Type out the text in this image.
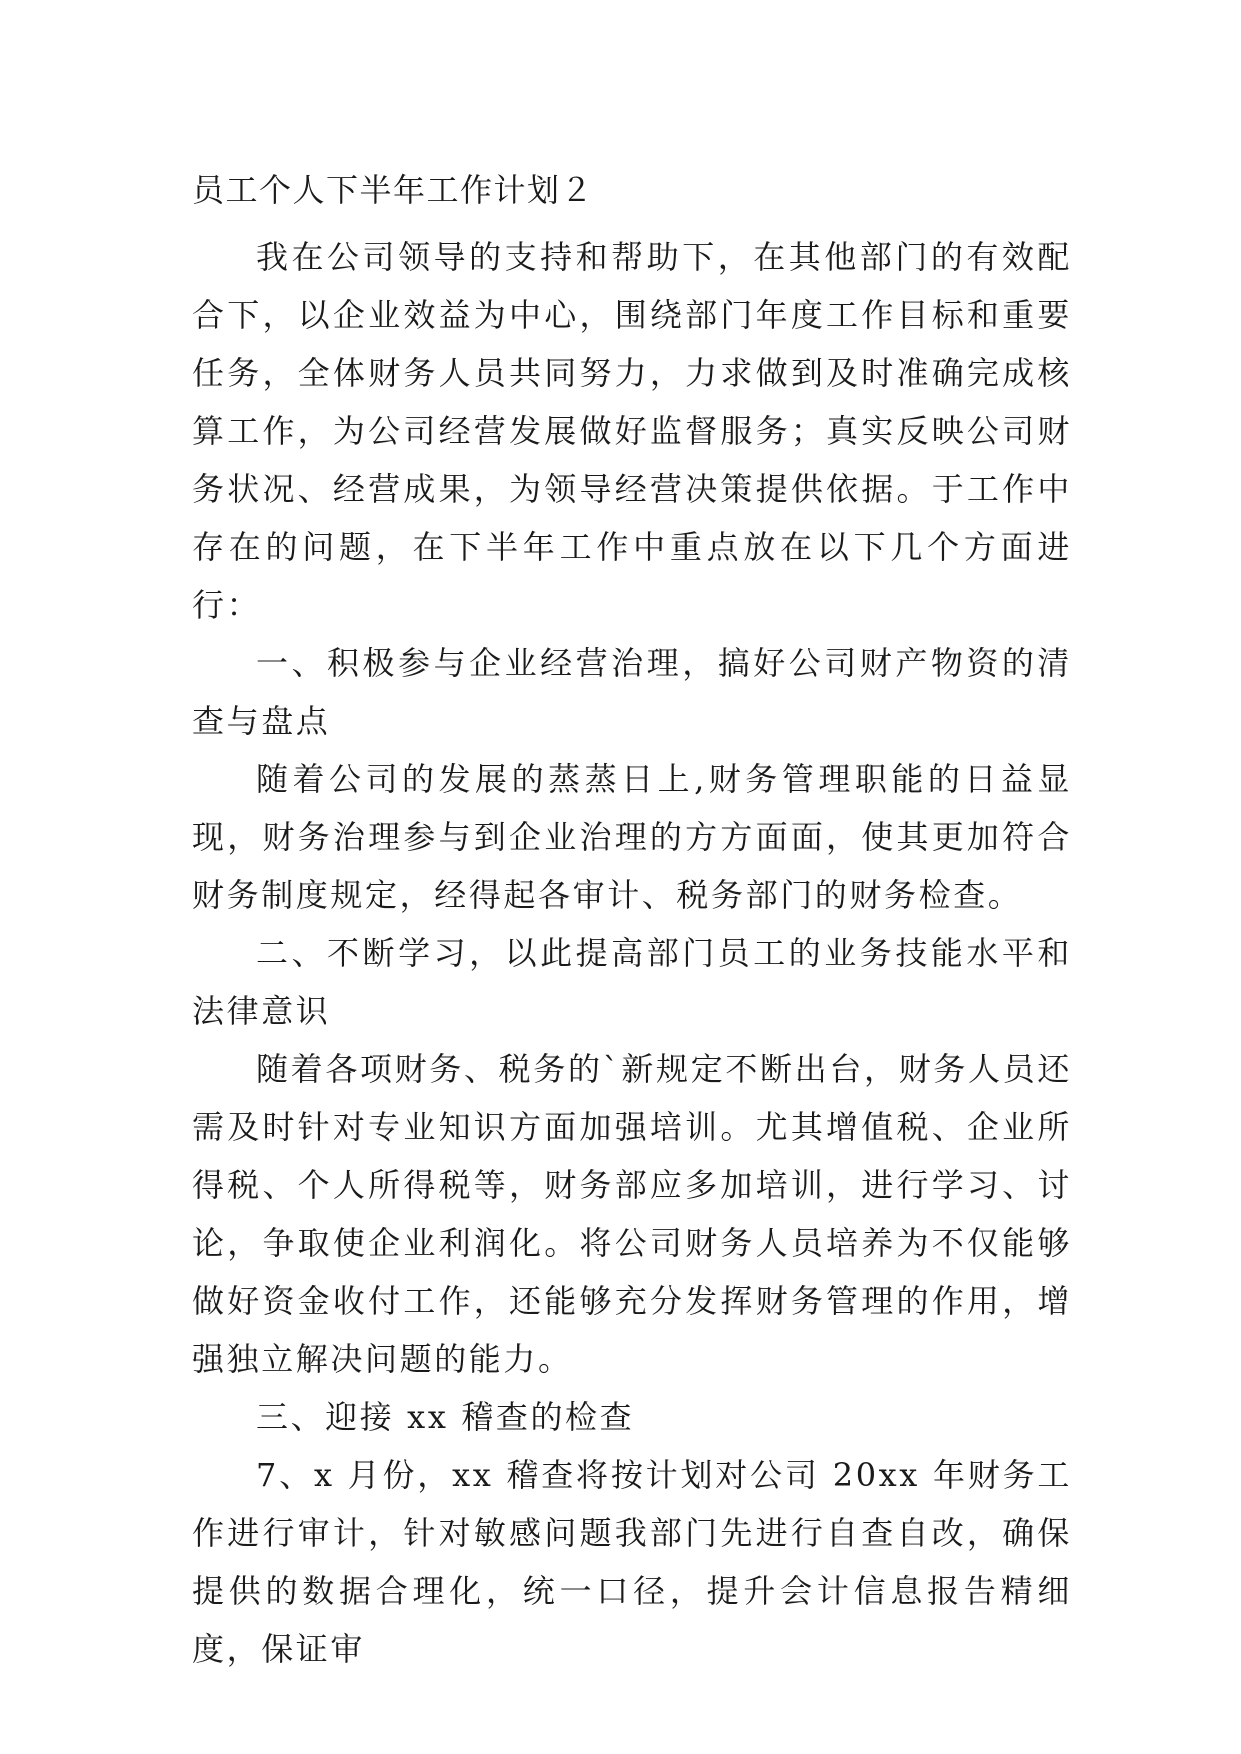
员工个人下半年工作计划２

我在公司领导的支持和帮助下，在其他部门的有效配合下，以企业效益为中心，围绕部门年度工作目标和重要任务，全体财务人员共同努力，力求做到及时准确完成核算工作，为公司经营发展做好监督服务；真实反映公司财务状况、经营成果，为领导经营决策提供依据。于工作中存在的问题，在下半年工作中重点放在以下几个方面进行：

一、积极参与企业经营治理，搞好公司财产物资的清查与盘点

随着公司的发展的蒸蒸日上,财务管理职能的日益显现，财务治理参与到企业治理的方方面面，使其更加符合财务制度规定，经得起各审计、税务部门的财务检查。

二、不断学习，以此提高部门员工的业务技能水平和法律意识

随着各项财务、税务的`新规定不断出台，财务人员还需及时针对专业知识方面加强培训。尤其增值税、企业所得税、个人所得税等，财务部应多加培训，进行学习、讨论，争取使企业利润化。将公司财务人员培养为不仅能够做好资金收付工作，还能够充分发挥财务管理的作用，增强独立解决问题的能力。

三、迎接 xx 稽查的检查

7、x 月份，xx 稽查将按计划对公司 20xx 年财务工作进行审计，针对敏感问题我部门先进行自查自改，确保提供的数据合理化，统一口径，提升会计信息报告精细度，保证审
